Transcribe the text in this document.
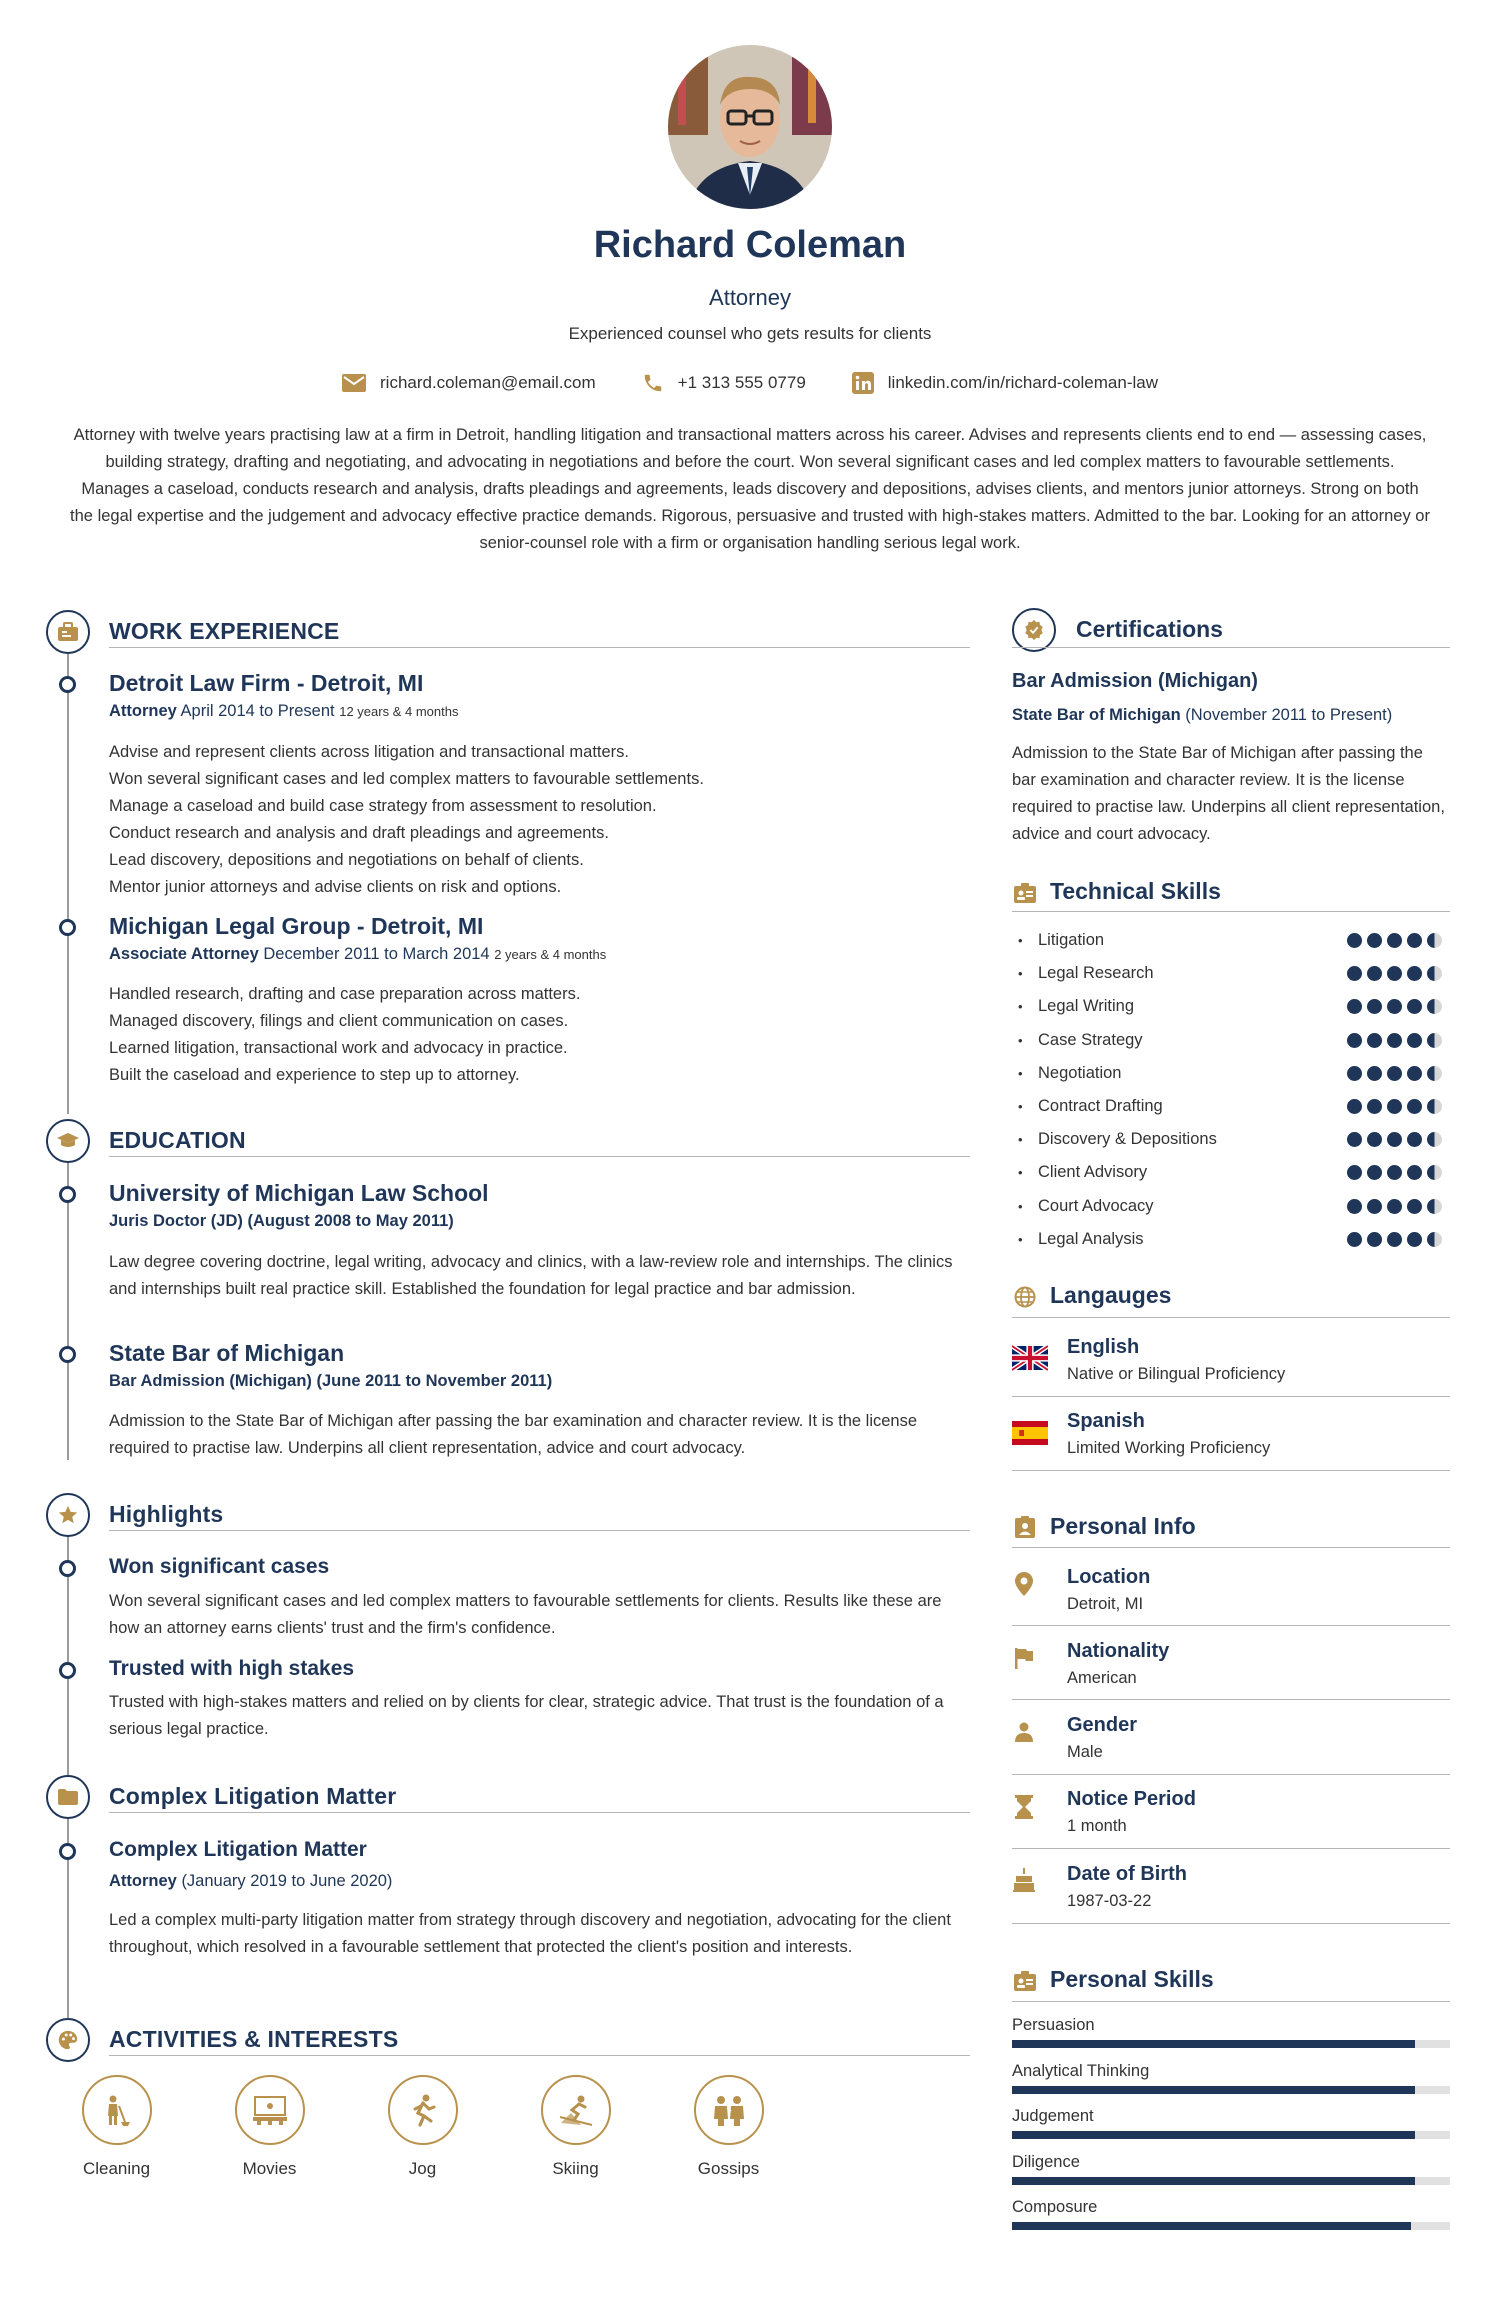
Richard Coleman
Attorney
Experienced counsel who gets results for clients
richard.coleman@email.com	+1 313 555 0779	linkedin.com/in/richard-coleman-law
Attorney with twelve years practising law at a firm in Detroit, handling litigation and transactional matters across his career. Advises and represents clients end to end — assessing cases, building strategy, drafting and negotiating, and advocating in negotiations and before the court. Won several significant cases and led complex matters to favourable settlements. Manages a caseload, conducts research and analysis, drafts pleadings and agreements, leads discovery and depositions, advises clients, and mentors junior attorneys. Strong on both the legal expertise and the judgement and advocacy effective practice demands. Rigorous, persuasive and trusted with high-stakes matters. Admitted to the bar. Looking for an attorney or senior-counsel role with a firm or organisation handling serious legal work.
WORK EXPERIENCE
Detroit Law Firm - Detroit, MI
Attorney April 2014 to Present 12 years & 4 months
Advise and represent clients across litigation and transactional matters.
Won several significant cases and led complex matters to favourable settlements.
Manage a caseload and build case strategy from assessment to resolution.
Conduct research and analysis and draft pleadings and agreements.
Lead discovery, depositions and negotiations on behalf of clients.
Mentor junior attorneys and advise clients on risk and options.
Michigan Legal Group - Detroit, MI
Associate Attorney December 2011 to March 2014 2 years & 4 months
Handled research, drafting and case preparation across matters.
Managed discovery, filings and client communication on cases.
Learned litigation, transactional work and advocacy in practice.
Built the caseload and experience to step up to attorney.
EDUCATION
University of Michigan Law School
Juris Doctor (JD) (August 2008 to May 2011)
Law degree covering doctrine, legal writing, advocacy and clinics, with a law-review role and internships. The clinics and internships built real practice skill. Established the foundation for legal practice and bar admission.
State Bar of Michigan
Bar Admission (Michigan) (June 2011 to November 2011)
Admission to the State Bar of Michigan after passing the bar examination and character review. It is the license required to practise law. Underpins all client representation, advice and court advocacy.
Highlights
Won significant cases
Won several significant cases and led complex matters to favourable settlements for clients. Results like these are how an attorney earns clients' trust and the firm's confidence.
Trusted with high stakes
Trusted with high-stakes matters and relied on by clients for clear, strategic advice. That trust is the foundation of a serious legal practice.
Complex Litigation Matter
Complex Litigation Matter
Attorney (January 2019 to June 2020)
Led a complex multi-party litigation matter from strategy through discovery and negotiation, advocating for the client throughout, which resolved in a favourable settlement that protected the client's position and interests.
ACTIVITIES & INTERESTS
Cleaning	Movies	Jog	Skiing	Gossips
Certifications
Bar Admission (Michigan)
State Bar of Michigan (November 2011 to Present)
Admission to the State Bar of Michigan after passing the bar examination and character review. It is the license required to practise law. Underpins all client representation, advice and court advocacy.
Technical Skills
• Litigation
• Legal Research
• Legal Writing
• Case Strategy
• Negotiation
• Contract Drafting
• Discovery & Depositions
• Client Advisory
• Court Advocacy
• Legal Analysis
Langauges
English
Native or Bilingual Proficiency
Spanish
Limited Working Proficiency
Personal Info
Location
Detroit, MI
Nationality
American
Gender
Male
Notice Period
1 month
Date of Birth
1987-03-22
Personal Skills
Persuasion
Analytical Thinking
Judgement
Diligence
Composure
